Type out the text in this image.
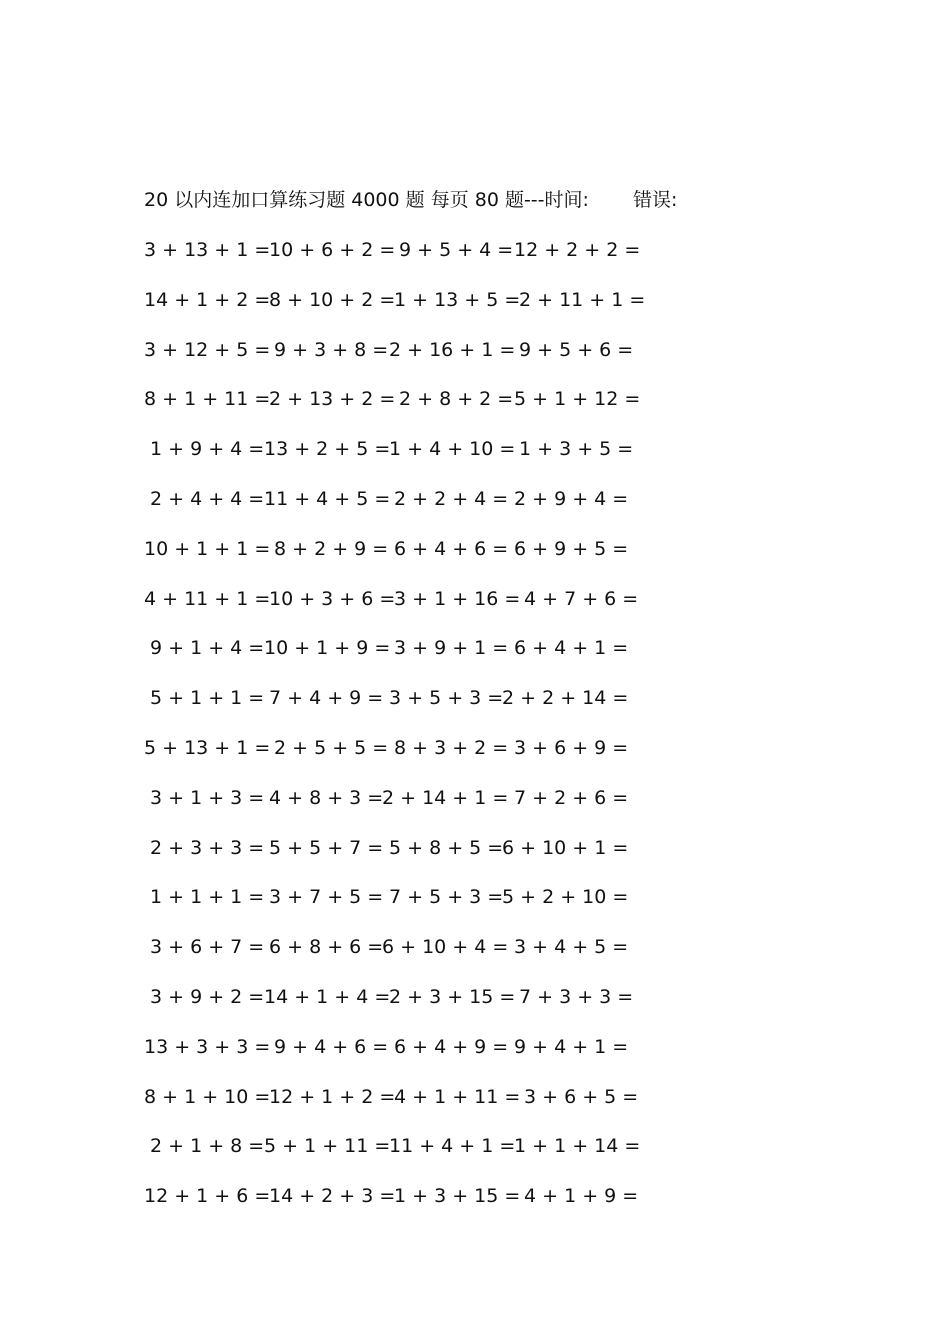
20 以内连加口算练习题 4000 题 每页 80 题---时间: 错误:
3 + 13 + 1 =
10 + 6 + 2 = 9 + 5 + 4 = 12 + 2 + 2 =
14 + 1 + 2 =
8 + 10 + 2 =
1 + 13 + 5 =
2 + 11 + 1 =
3 + 12 + 5 = 9 + 3 + 8 = 2 + 16 + 1 = 9 + 5 + 6 =
8 + 1 + 11 =
2 + 13 + 2 = 2 + 8 + 2 = 5 + 1 + 12 =
1 + 9 + 4 = 13 + 2 + 5 =
1 + 4 + 10 = 1 + 3 + 5 =
2 + 4 + 4 = 11 + 4 + 5 = 2 + 2 + 4 = 2 + 9 + 4 =
10 + 1 + 1 = 8 + 2 + 9 = 6 + 4 + 6 = 6 + 9 + 5 =
4 + 11 + 1 =
10 + 3 + 6 =
3 + 1 + 16 = 4 + 7 + 6 =
9 + 1 + 4 = 10 + 1 + 9 = 3 + 9 + 1 = 6 + 4 + 1 =
5 + 1 + 1 = 7 + 4 + 9 = 3 + 5 + 3 =
2 + 2 + 14 =
5 + 13 + 1 = 2 + 5 + 5 = 8 + 3 + 2 = 3 + 6 + 9 =
3 + 1 + 3 = 4 + 8 + 3 =
2 + 14 + 1 = 7 + 2 + 6 =
2 + 3 + 3 = 5 + 5 + 7 = 5 + 8 + 5 =
6 + 10 + 1 =
1 + 1 + 1 = 3 + 7 + 5 = 7 + 5 + 3 =
5 + 2 + 10 =
3 + 6 + 7 = 6 + 8 + 6 =
6 + 10 + 4 = 3 + 4 + 5 =
3 + 9 + 2 = 14 + 1 + 4 =
2 + 3 + 15 = 7 + 3 + 3 =
13 + 3 + 3 = 9 + 4 + 6 = 6 + 4 + 9 = 9 + 4 + 1 =
8 + 1 + 10 =
12 + 1 + 2 =
4 + 1 + 11 = 3 + 6 + 5 =
2 + 1 + 8 = 5 + 1 + 11 =
11 + 4 + 1 =
1 + 1 + 14 =
12 + 1 + 6 =
14 + 2 + 3 =
1 + 3 + 15 = 4 + 1 + 9 =
